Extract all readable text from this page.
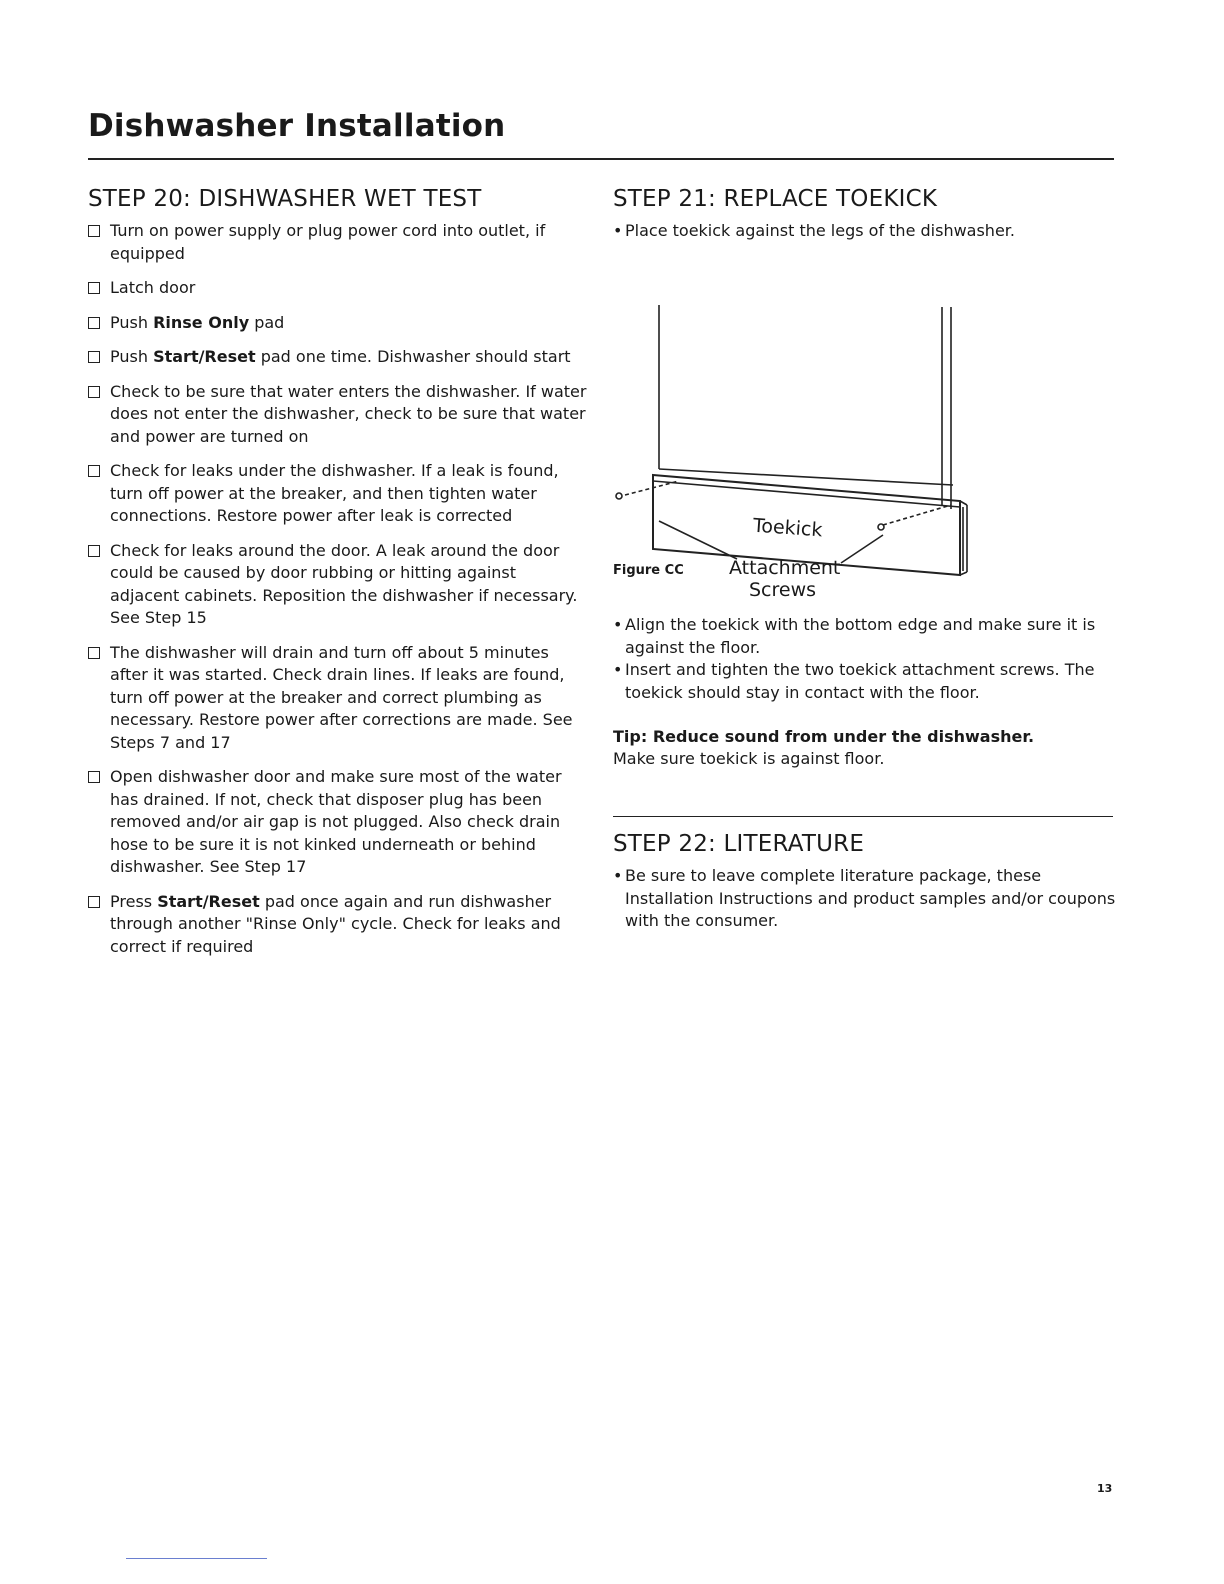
Dishwasher Installation
STEP 20: DISHWASHER WET TEST
Turn on power supply or plug power cord into outlet, if equipped
Latch door
Push Rinse Only pad
Push Start/Reset pad one time. Dishwasher should start
Check to be sure that water enters the dishwasher. If water does not enter the dishwasher, check to be sure that water and power are turned on
Check for leaks under the dishwasher. If a leak is found, turn off power at the breaker, and then tighten water connections. Restore power after leak is corrected
Check for leaks around the door. A leak around the door could be caused by door rubbing or hitting against adjacent cabinets. Reposition the dishwasher if necessary. See Step 15
The dishwasher will drain and turn off about 5 minutes after it was started. Check drain lines. If leaks are found, turn off power at the breaker and correct plumbing as necessary. Restore power after corrections are made. See Steps 7 and 17
Open dishwasher door and make sure most of the water has drained. If not, check that disposer plug has been removed and/or air gap is not plugged. Also check drain hose to be sure it is not kinked underneath or behind dishwasher. See Step 17
Press Start/Reset pad once again and run dishwasher through another "Rinse Only" cycle. Check for leaks and correct if required
STEP 21: REPLACE TOEKICK
• Place toekick against the legs of the dishwasher.
Toekick
Attachment
Screws
Figure CC
• Align the toekick with the bottom edge and make sure it is against the floor.
• Insert and tighten the two toekick attachment screws. The toekick should stay in contact with the floor.
Tip: Reduce sound from under the dishwasher.
Make sure toekick is against floor.
STEP 22: LITERATURE
• Be sure to leave complete literature package, these Installation Instructions and product samples and/or coupons with the consumer.
13
